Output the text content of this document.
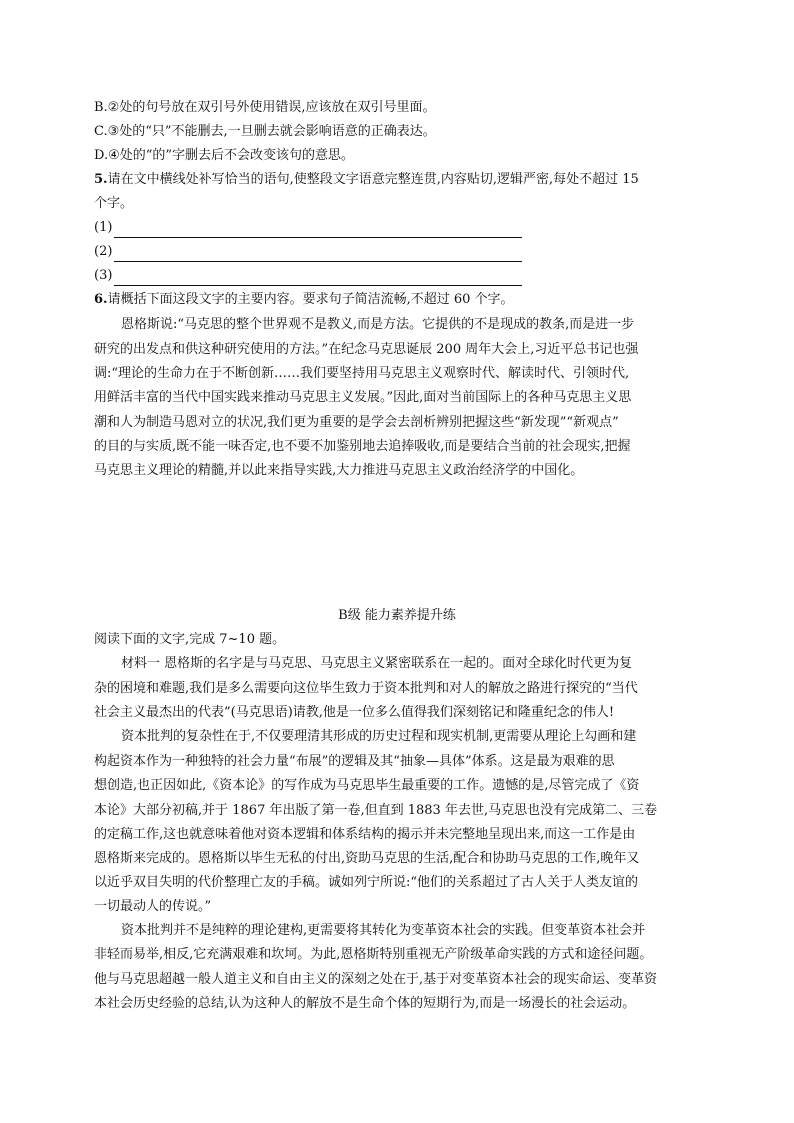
B.②处的句号放在双引号外使用错误,应该放在双引号里面。

C.③处的“只”不能删去,一旦删去就会影响语意的正确表达。

D.④处的“的”字删去后不会改变该句的意思。

5.请在文中横线处补写恰当的语句,使整段文字语意完整连贯,内容贴切,逻辑严密,每处不超过 15

个字。

(1)
(2)
(3)

6.请概括下面这段文字的主要内容。要求句子简洁流畅,不超过 60 个字。

恩格斯说:“马克思的整个世界观不是教义,而是方法。它提供的不是现成的教条,而是进一步

研究的出发点和供这种研究使用的方法。”在纪念马克思诞辰 200 周年大会上,习近平总书记也强

调:“理论的生命力在于不断创新……我们要坚持用马克思主义观察时代、解读时代、引领时代,

用鲜活丰富的当代中国实践来推动马克思主义发展。”因此,面对当前国际上的各种马克思主义思

潮和人为制造马恩对立的状况,我们更为重要的是学会去剖析辨别把握这些“新发现”“新观点”

的目的与实质,既不能一味否定,也不要不加鉴别地去追捧吸收,而是要结合当前的社会现实,把握

马克思主义理论的精髓,并以此来指导实践,大力推进马克思主义政治经济学的中国化。

B级 能力素养提升练

阅读下面的文字,完成 7~10 题。

材料一 恩格斯的名字是与马克思、马克思主义紧密联系在一起的。面对全球化时代更为复

杂的困境和难题,我们是多么需要向这位毕生致力于资本批判和对人的解放之路进行探究的“当代

社会主义最杰出的代表”(马克思语)请教,他是一位多么值得我们深刻铭记和隆重纪念的伟人!

资本批判的复杂性在于,不仅要理清其形成的历史过程和现实机制,更需要从理论上勾画和建

构起资本作为一种独特的社会力量“布展”的逻辑及其“抽象—具体”体系。这是最为艰难的思

想创造,也正因如此,《资本论》的写作成为马克思毕生最重要的工作。遗憾的是,尽管完成了《资

本论》大部分初稿,并于 1867 年出版了第一卷,但直到 1883 年去世,马克思也没有完成第二、三卷

的定稿工作,这也就意味着他对资本逻辑和体系结构的揭示并未完整地呈现出来,而这一工作是由

恩格斯来完成的。恩格斯以毕生无私的付出,资助马克思的生活,配合和协助马克思的工作,晚年又

以近乎双目失明的代价整理亡友的手稿。诚如列宁所说:“他们的关系超过了古人关于人类友谊的

一切最动人的传说。”

资本批判并不是纯粹的理论建构,更需要将其转化为变革资本社会的实践。但变革资本社会并

非轻而易举,相反,它充满艰难和坎坷。为此,恩格斯特别重视无产阶级革命实践的方式和途径问题。

他与马克思超越一般人道主义和自由主义的深刻之处在于,基于对变革资本社会的现实命运、变革资

本社会历史经验的总结,认为这种人的解放不是生命个体的短期行为,而是一场漫长的社会运动。
